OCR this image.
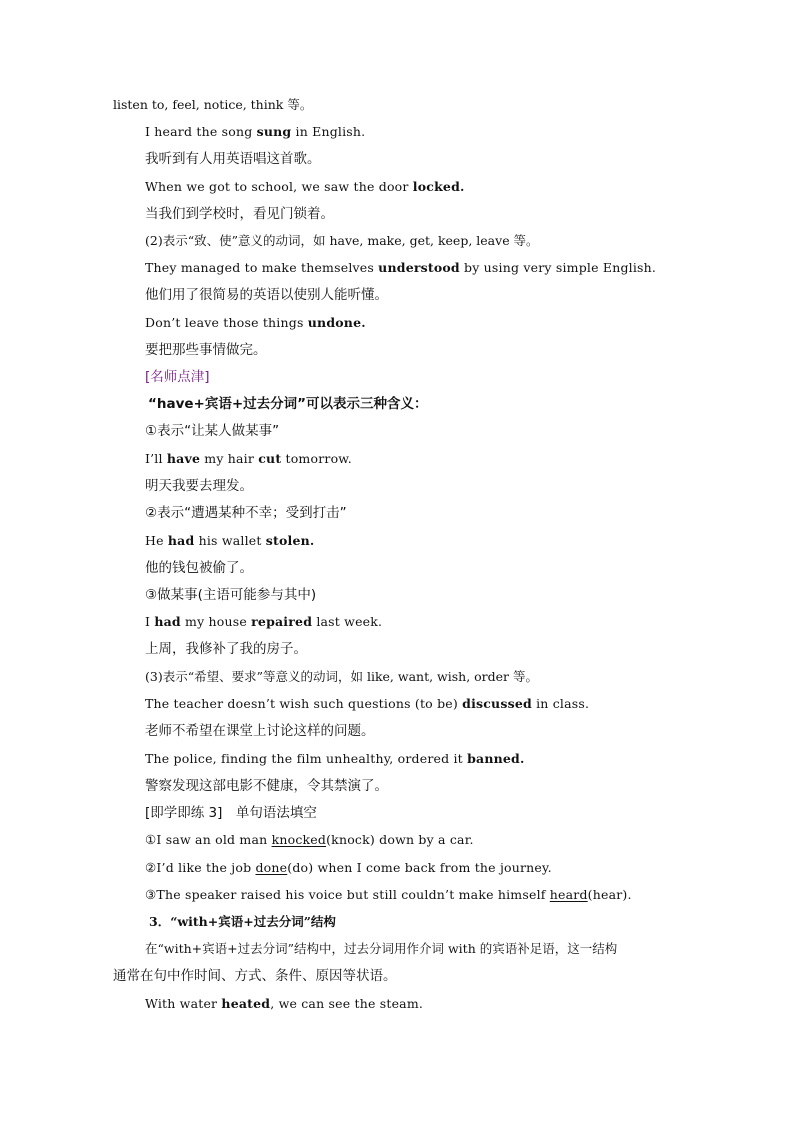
listen to, feel, notice, think 等。
I heard the song sung in English.
我听到有人用英语唱这首歌。
When we got to school, we saw the door locked.
当我们到学校时，看见门锁着。
(2)表示“致、使”意义的动词，如 have, make, get, keep, leave 等。
They managed to make themselves understood by using very simple English.
他们用了很简易的英语以使别人能听懂。
Don’t leave those things undone.
要把那些事情做完。
[名师点津]
“have+宾语+过去分词”可以表示三种含义：
①表示“让某人做某事”
I’ll have my hair cut tomorrow.
明天我要去理发。
②表示“遭遇某种不幸；受到打击”
He had his wallet stolen.
他的钱包被偷了。
③做某事(主语可能参与其中)
I had my house repaired last week.
上周，我修补了我的房子。
(3)表示“希望、要求”等意义的动词，如 like, want, wish, order 等。
The teacher doesn’t wish such questions (to be) discussed in class.
老师不希望在课堂上讨论这样的问题。
The police, finding the film unhealthy, ordered it banned.
警察发现这部电影不健康，令其禁演了。
[即学即练 3]　单句语法填空
①I saw an old man knocked(knock) down by a car.
②I’d like the job done(do) when I come back from the journey.
③The speaker raised his voice but still couldn’t make himself heard(hear).
3．“with+宾语+过去分词”结构
在“with+宾语+过去分词”结构中，过去分词用作介词 with 的宾语补足语，这一结构
通常在句中作时间、方式、条件、原因等状语。
With water heated, we can see the steam.
